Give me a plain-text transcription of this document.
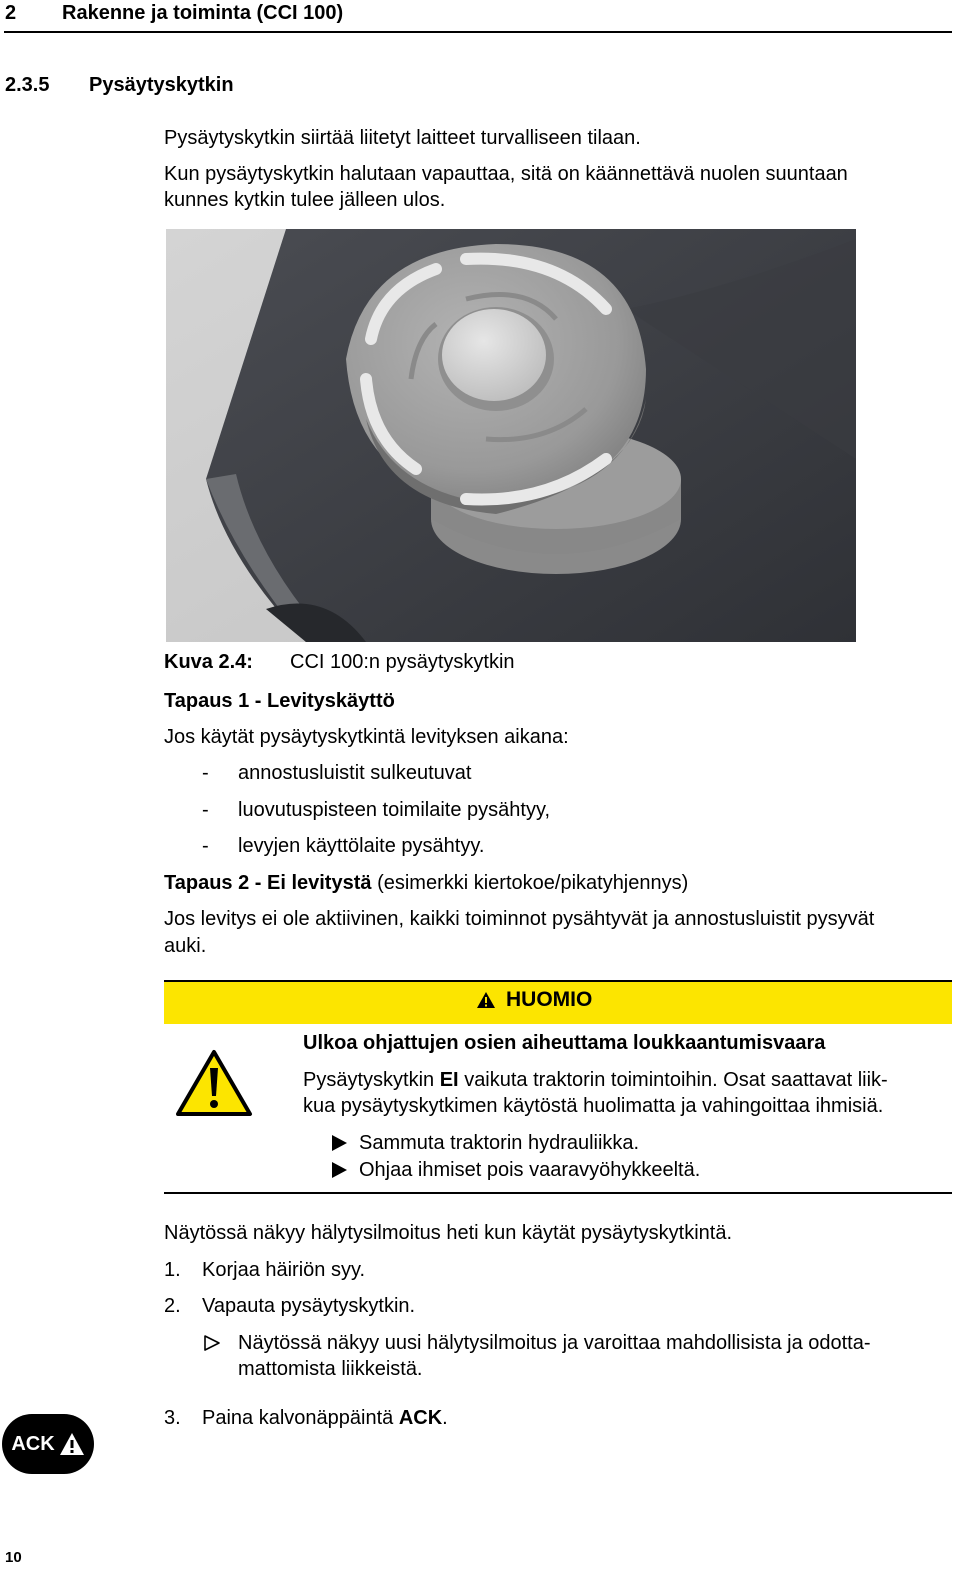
2 Rakenne ja toiminta (CCI 100)
2.3.5 Pysäytyskytkin
Pysäytyskytkin siirtää liitetyt laitteet turvalliseen tilaan.
Kun pysäytyskytkin halutaan vapauttaa, sitä on käännettävä nuolen suuntaan
kunnes kytkin tulee jälleen ulos.
Kuva 2.4: CCI 100:n pysäytyskytkin
Tapaus 1 - Levityskäyttö
Jos käytät pysäytyskytkintä levityksen aikana:
- annostusluistit sulkeutuvat
- luovutuspisteen toimilaite pysähtyy,
- levyjen käyttölaite pysähtyy.
Tapaus 2 - Ei levitystä (esimerkki kiertokoe/pikatyhjennys)
Jos levitys ei ole aktiivinen, kaikki toiminnot pysähtyvät ja annostusluistit pysyvät
auki.
HUOMIO
Ulkoa ohjattujen osien aiheuttama loukkaantumisvaara
Pysäytyskytkin EI vaikuta traktorin toimintoihin. Osat saattavat liik-
kua pysäytyskytkimen käytöstä huolimatta ja vahingoittaa ihmisiä.
Sammuta traktorin hydrauliikka.
Ohjaa ihmiset pois vaaravyöhykkeeltä.
Näytössä näkyy hälytysilmoitus heti kun käytät pysäytyskytkintä.
1. Korjaa häiriön syy.
2. Vapauta pysäytyskytkin.
Näytössä näkyy uusi hälytysilmoitus ja varoittaa mahdollisista ja odotta-
mattomista liikkeistä.
3. Paina kalvonäppäintä ACK.
ACK
10
